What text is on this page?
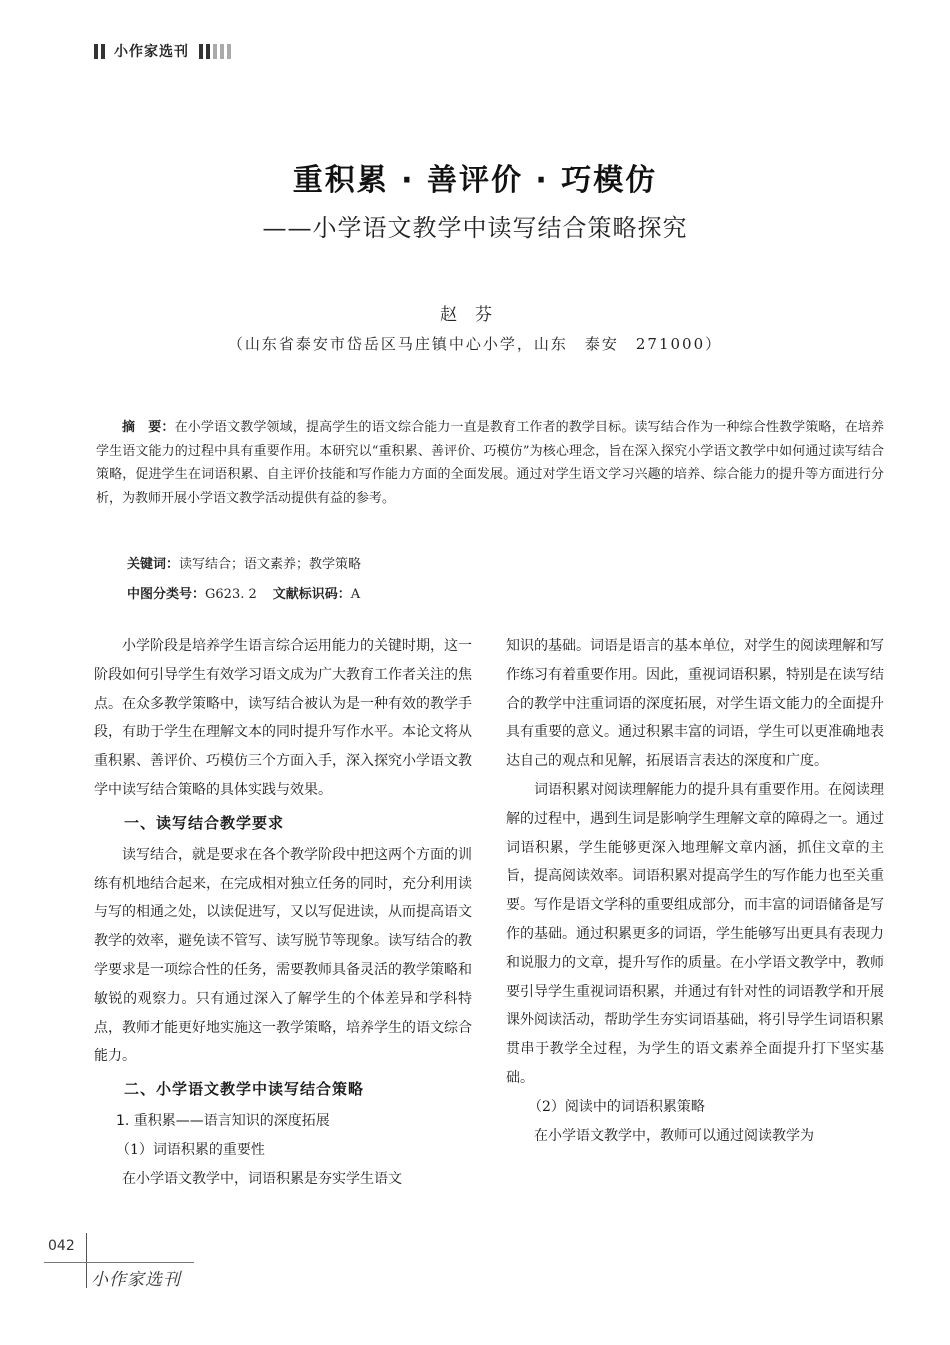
小作家选刊
重积累 · 善评价 · 巧模仿
——小学语文教学中读写结合策略探究
赵芬
（山东省泰安市岱岳区马庄镇中心小学，山东　泰安　271000）

摘　要：在小学语文教学领域，提高学生的语文综合能力一直是教育工作者的教学目标。读写结合作为一种综合性教学策略，在培养学生语文能力的过程中具有重要作用。本研究以“重积累、善评价、巧模仿”为核心理念，旨在深入探究小学语文教学中如何通过读写结合策略，促进学生在词语积累、自主评价技能和写作能力方面的全面发展。通过对学生语文学习兴趣的培养、综合能力的提升等方面进行分析，为教师开展小学语文教学活动提供有益的参考。

关键词：读写结合；语文素养；教学策略
中图分类号：G623. 2 文献标识码：A

小学阶段是培养学生语言综合运用能力的关键时期，这一阶段如何引导学生有效学习语文成为广大教育工作者关注的焦点。在众多教学策略中，读写结合被认为是一种有效的教学手段，有助于学生在理解文本的同时提升写作水平。本论文将从重积累、善评价、巧模仿三个方面入手，深入探究小学语文教学中读写结合策略的具体实践与效果。

一、读写结合教学要求

读写结合，就是要求在各个教学阶段中把这两个方面的训练有机地结合起来，在完成相对独立任务的同时，充分利用读与写的相通之处，以读促进写，又以写促进读，从而提高语文教学的效率，避免读不管写、读写脱节等现象。读写结合的教学要求是一项综合性的任务，需要教师具备灵活的教学策略和敏锐的观察力。只有通过深入了解学生的个体差异和学科特点，教师才能更好地实施这一教学策略，培养学生的语文综合能力。

二、小学语文教学中读写结合策略
1. 重积累——语言知识的深度拓展
（1）词语积累的重要性

在小学语文教学中，词语积累是夯实学生语文

知识的基础。词语是语言的基本单位，对学生的阅读理解和写作练习有着重要作用。因此，重视词语积累，特别是在读写结合的教学中注重词语的深度拓展，对学生语文能力的全面提升具有重要的意义。通过积累丰富的词语，学生可以更准确地表达自己的观点和见解，拓展语言表达的深度和广度。

词语积累对阅读理解能力的提升具有重要作用。在阅读理解的过程中，遇到生词是影响学生理解文章的障碍之一。通过词语积累，学生能够更深入地理解文章内涵，抓住文章的主旨，提高阅读效率。词语积累对提高学生的写作能力也至关重要。写作是语文学科的重要组成部分，而丰富的词语储备是写作的基础。通过积累更多的词语，学生能够写出更具有表现力和说服力的文章，提升写作的质量。在小学语文教学中，教师要引导学生重视词语积累，并通过有针对性的词语教学和开展课外阅读活动，帮助学生夯实词语基础，将引导学生词语积累贯串于教学全过程，为学生的语文素养全面提升打下坚实基础。

（2）阅读中的词语积累策略

在小学语文教学中，教师可以通过阅读教学为

042
小作家选刊
